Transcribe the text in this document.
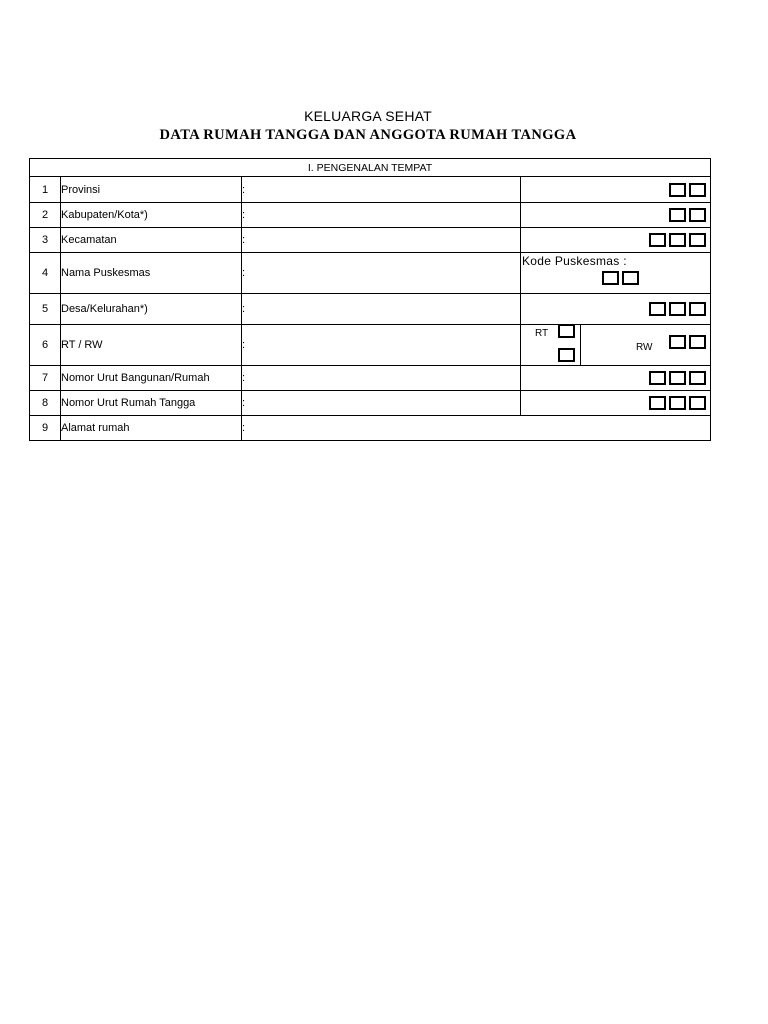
KELUARGA SEHAT
DATA RUMAH TANGGA DAN ANGGOTA RUMAH TANGGA
I. PENGENALAN TEMPAT			
1	Provinsi	:	

2	Kabupaten/Kota*)	:	

3	Kecamatan	:	

4	Nama Puskesmas	:	Kode Puskesmas :

5	Desa/Kelurahan*)	:	

6	RT / RW	:	RT
RW

7	Nomor Urut Bangunan/Rumah	:	

8	Nomor Urut Rumah Tangga	:	

9	Alamat rumah	:	
